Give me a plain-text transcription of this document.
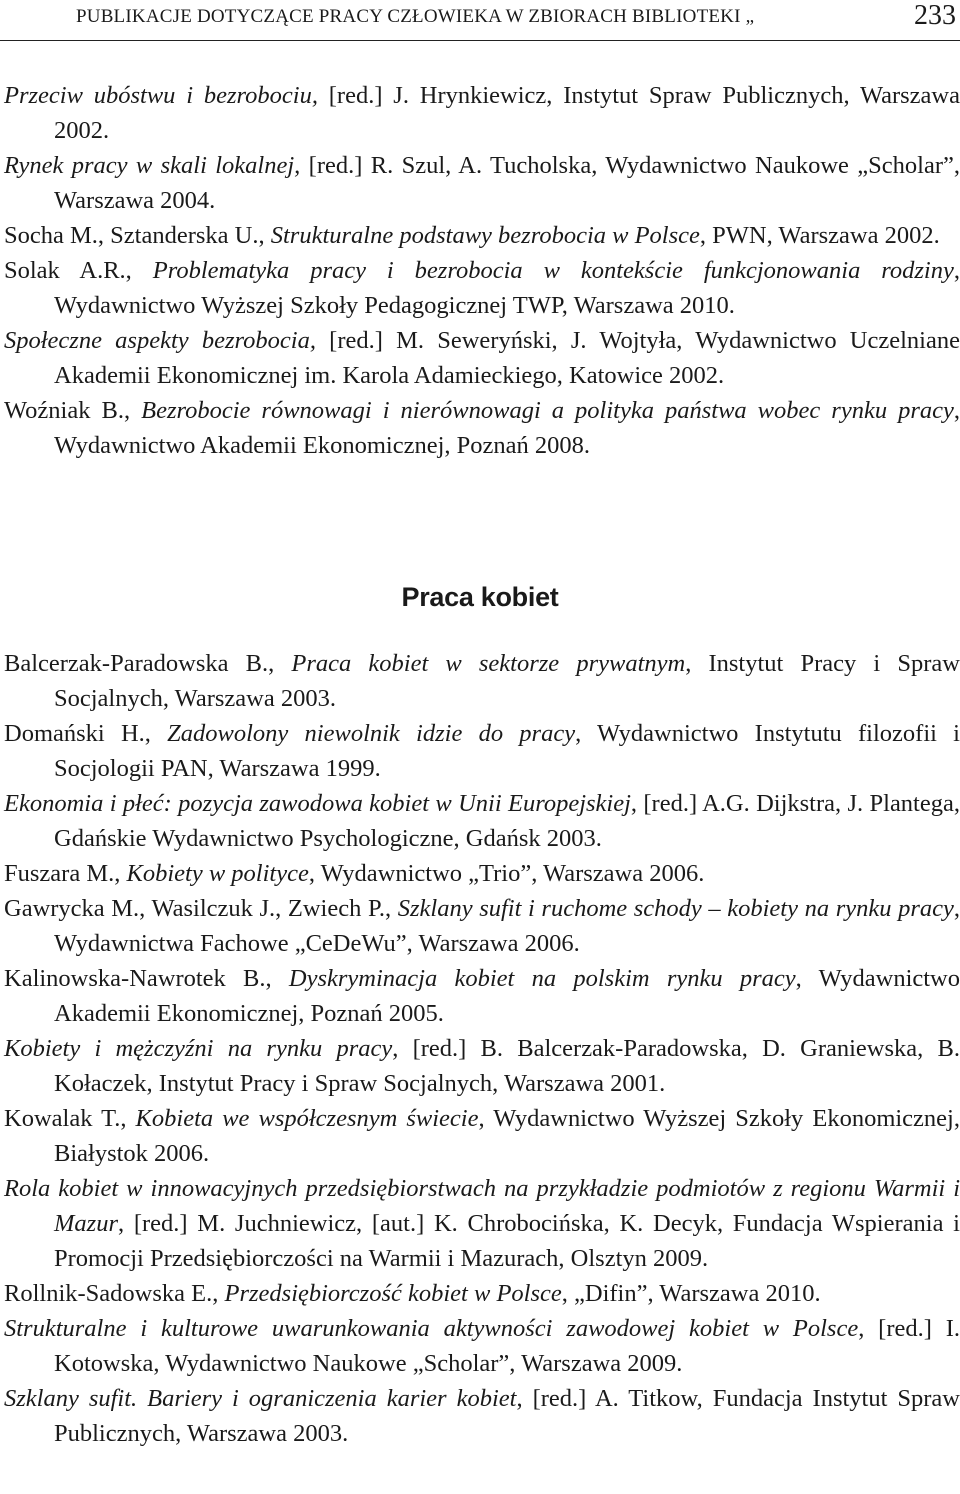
PUBLIKACJE DOTYCZĄCE PRACY CZŁOWIEKA W ZBIORACH BIBLIOTEKI „	233
Przeciw ubóstwu i bezrobociu, [red.] J. Hrynkiewicz, Instytut Spraw Publicznych, Warszawa 2002.
Rynek pracy w skali lokalnej, [red.] R. Szul, A. Tucholska, Wydawnictwo Naukowe „Scholar”, Warszawa 2004.
Socha M., Sztanderska U., Strukturalne podstawy bezrobocia w Polsce, PWN, Warszawa 2002.
Solak A.R., Problematyka pracy i bezrobocia w kontekście funkcjonowania rodziny, Wydawnictwo Wyższej Szkoły Pedagogicznej TWP, Warszawa 2010.
Społeczne aspekty bezrobocia, [red.] M. Seweryński, J. Wojtyła, Wydawnictwo Uczelniane Akademii Ekonomicznej im. Karola Adamieckiego, Katowice 2002.
Woźniak B., Bezrobocie równowagi i nierównowagi a polityka państwa wobec rynku pracy, Wydawnictwo Akademii Ekonomicznej, Poznań 2008.
Praca kobiet
Balcerzak-Paradowska B., Praca kobiet w sektorze prywatnym, Instytut Pracy i Spraw Socjalnych, Warszawa 2003.
Domański H., Zadowolony niewolnik idzie do pracy, Wydawnictwo Instytutu filozofii i Socjologii PAN, Warszawa 1999.
Ekonomia i płeć: pozycja zawodowa kobiet w Unii Europejskiej, [red.] A.G. Dijkstra, J. Plantega, Gdańskie Wydawnictwo Psychologiczne, Gdańsk 2003.
Fuszara M., Kobiety w polityce, Wydawnictwo „Trio”, Warszawa 2006.
Gawrycka M., Wasilczuk J., Zwiech P., Szklany sufit i ruchome schody – kobiety na rynku pracy, Wydawnictwa Fachowe „CeDeWu”, Warszawa 2006.
Kalinowska-Nawrotek B., Dyskryminacja kobiet na polskim rynku pracy, Wydawnictwo Akademii Ekonomicznej, Poznań 2005.
Kobiety i mężczyźni na rynku pracy, [red.] B. Balcerzak-Paradowska, D. Graniewska, B. Kołaczek, Instytut Pracy i Spraw Socjalnych, Warszawa 2001.
Kowalak T., Kobieta we współczesnym świecie, Wydawnictwo Wyższej Szkoły Ekonomicznej, Białystok 2006.
Rola kobiet w innowacyjnych przedsiębiorstwach na przykładzie podmiotów z regionu Warmii i Mazur, [red.] M. Juchniewicz, [aut.] K. Chrobocińska, K. Decyk, Fundacja Wspierania i Promocji Przedsiębiorczości na Warmii i Mazurach, Olsztyn 2009.
Rollnik-Sadowska E., Przedsiębiorczość kobiet w Polsce, „Difin”, Warszawa 2010.
Strukturalne i kulturowe uwarunkowania aktywności zawodowej kobiet w Polsce, [red.] I. Kotowska, Wydawnictwo Naukowe „Scholar”, Warszawa 2009.
Szklany sufit. Bariery i ograniczenia karier kobiet, [red.] A. Titkow, Fundacja Instytut Spraw Publicznych, Warszawa 2003.
